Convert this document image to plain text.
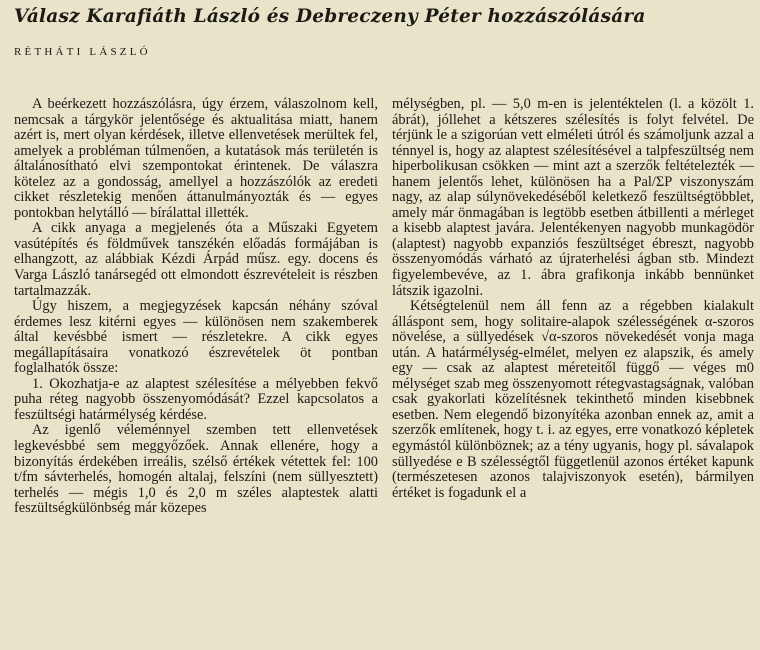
Válasz Karafiáth László és Debreczeny Péter hozzászólására
RÉTHÁTI LÁSZLÓ

A beérkezett hozzászólásra, úgy érzem, válaszolnom kell, nemcsak a tárgykör jelentősége és aktualitása miatt, hanem azért is, mert olyan kérdések, illetve ellenvetések merültek fel, amelyek a probléman túlmenően, a kutatások más területén is általánosítható elvi szempontokat érintenek. De válaszra kötelez az a gondosság, amellyel a hozzászólók az eredeti cikket részletekig menően áttanulmányozták és — egyes pontokban helytálló — bírálattal illették.

A cikk anyaga a megjelenés óta a Műszaki Egyetem vasútépítés és földművek tanszékén előadás formájában is elhangzott, az alábbiak Kézdi Árpád műsz. egy. docens és Varga László tanársegéd ott elmondott észrevételeit is részben tartalmazzák.

Úgy hiszem, a megjegyzések kapcsán néhány szóval érdemes lesz kitérni egyes — különösen nem szakemberek által kevésbbé ismert — részletekre. A cikk egyes megállapításaira vonatkozó észrevételek öt pontban foglalhatók össze:

1. Okozhatja-e az alaptest szélesítése a mélyebben fekvő puha réteg nagyobb összenyomódását? Ezzel kapcsolatos a feszültségi határmélység kérdése.

Az igenlő véleménnyel szemben tett ellenvetések legkevésbbé sem meggyőzőek. Annak ellenére, hogy a bizonyítás érdekében irreális, szélső értékek vétettek fel: 100 t/fm sávterhelés, homogén altalaj, felszíni (nem süllyesztett) terhelés — mégis 1,0 és 2,0 m széles alaptestek alatti feszültségkülönbség már közepes

mélységben, pl. — 5,0 m-en is jelentéktelen (l. a közölt 1. ábrát), jóllehet a kétszeres szélesítés is folyt felvétel. De térjünk le a szigorúan vett elméleti útról és számoljunk azzal a ténnyel is, hogy az alaptest szélesítésével a talpfeszültség nem hiperbolikusan csökken — mint azt a szerzők feltételezték — hanem jelentős lehet, különösen ha a Pal/ΣP viszonyszám nagy, az alap súlynövekedéséből keletkező feszültségtöbblet, amely már önmagában is legtöbb esetben átbillenti a mérleget a kisebb alaptest javára. Jelentékenyen nagyobb munkagödör (alaptest) nagyobb expanziós feszültséget ébreszt, nagyobb összenyomódás várható az újraterhelési ágban stb. Mindezt figyelembevéve, az 1. ábra grafikonja inkább bennünket látszik igazolni.

Kétségtelenül nem áll fenn az a régebben kialakult álláspont sem, hogy solitaire-alapok szélességének α-szoros növelése, a süllyedések √α-szoros növekedését vonja maga után. A határmélység-elmélet, melyen ez alapszik, és amely egy — csak az alaptest méreteitől függő — véges m0 mélységet szab meg összenyomott rétegvastagságnak, valóban csak gyakorlati közelítésnek tekinthető minden kisebbnek esetben. Nem elegendő bizonyítéka azonban ennek az, amit a szerzők említenek, hogy t. i. az egyes, erre vonatkozó képletek egymástól különböznek; az a tény ugyanis, hogy pl. sávalapok süllyedése e B szélességtől függetlenül azonos értéket kapunk (természetesen azonos talajviszonyok esetén), bármilyen értéket is fogadunk el a
